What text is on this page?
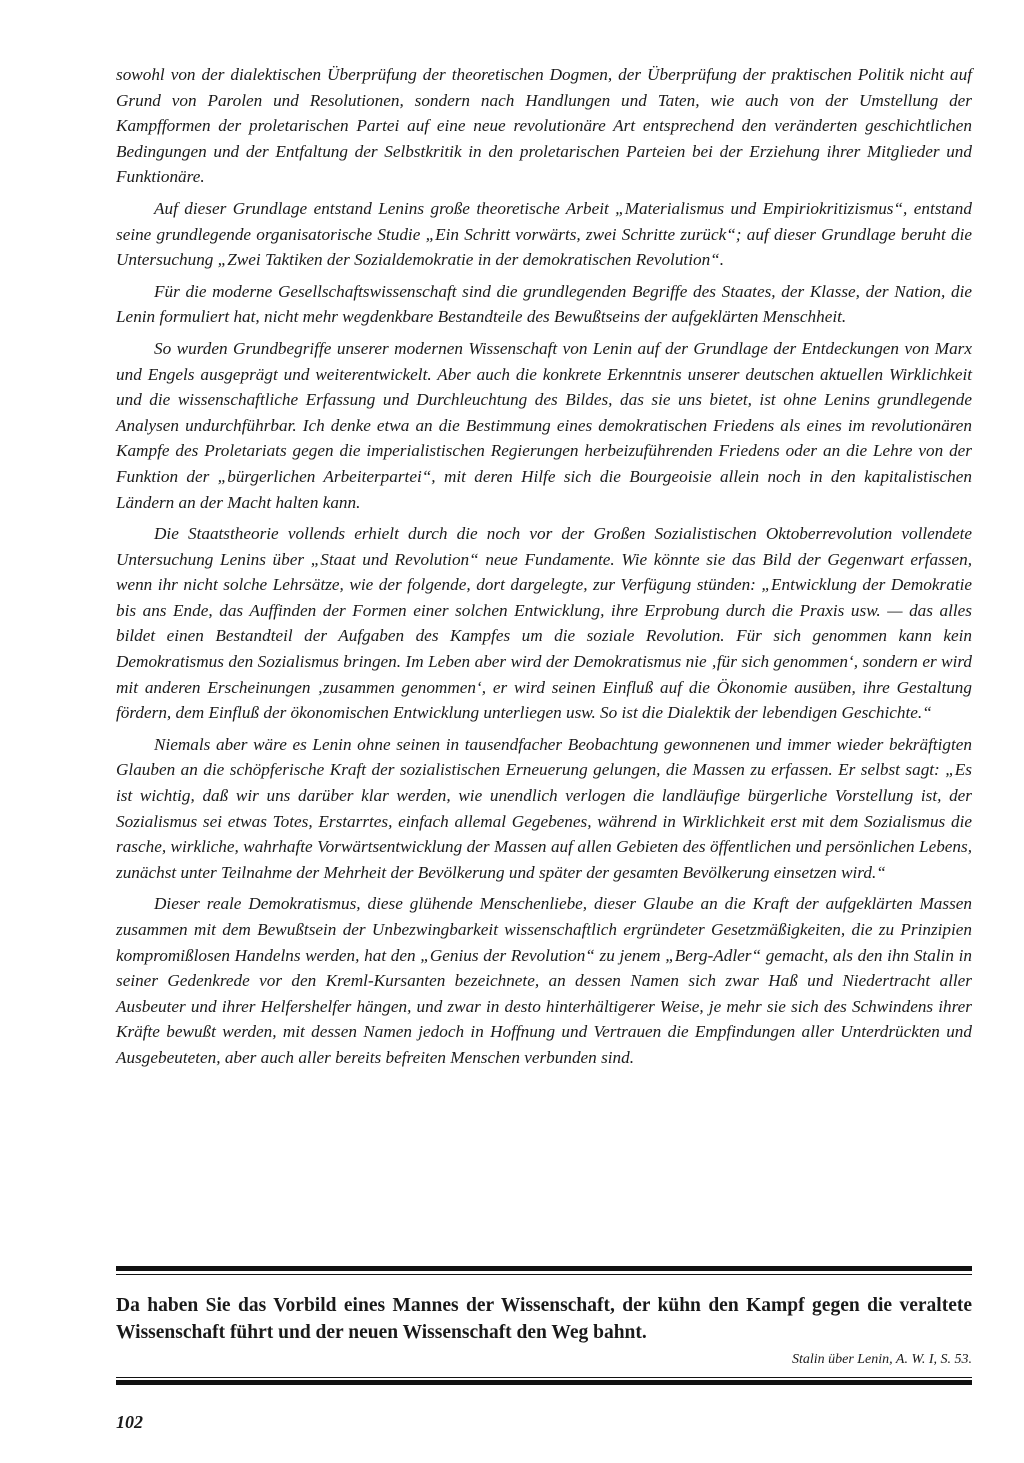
sowohl von der dialektischen Überprüfung der theoretischen Dogmen, der Überprüfung der praktischen Politik nicht auf Grund von Parolen und Resolutionen, sondern nach Handlungen und Taten, wie auch von der Umstellung der Kampfformen der proletarischen Partei auf eine neue revolutionäre Art entsprechend den veränderten geschichtlichen Bedingungen und der Entfaltung der Selbstkritik in den proletarischen Parteien bei der Erziehung ihrer Mitglieder und Funktionäre.

Auf dieser Grundlage entstand Lenins große theoretische Arbeit „Materialismus und Empiriokritizismus“, entstand seine grundlegende organisatorische Studie „Ein Schritt vorwärts, zwei Schritte zurück“; auf dieser Grundlage beruht die Untersuchung „Zwei Taktiken der Sozialdemokratie in der demokratischen Revolution“.

Für die moderne Gesellschaftswissenschaft sind die grundlegenden Begriffe des Staates, der Klasse, der Nation, die Lenin formuliert hat, nicht mehr wegdenkbare Bestandteile des Bewußtseins der aufgeklärten Menschheit.

So wurden Grundbegriffe unserer modernen Wissenschaft von Lenin auf der Grundlage der Entdeckungen von Marx und Engels ausgeprägt und weiterentwickelt. Aber auch die konkrete Erkenntnis unserer deutschen aktuellen Wirklichkeit und die wissenschaftliche Erfassung und Durchleuchtung des Bildes, das sie uns bietet, ist ohne Lenins grundlegende Analysen undurchführbar. Ich denke etwa an die Bestimmung eines demokratischen Friedens als eines im revolutionären Kampfe des Proletariats gegen die imperialistischen Regierungen herbeizuführenden Friedens oder an die Lehre von der Funktion der „bürgerlichen Arbeiterpartei“, mit deren Hilfe sich die Bourgeoisie allein noch in den kapitalistischen Ländern an der Macht halten kann.

Die Staatstheorie vollends erhielt durch die noch vor der Großen Sozialistischen Oktoberrevolution vollendete Untersuchung Lenins über „Staat und Revolution“ neue Fundamente. Wie könnte sie das Bild der Gegenwart erfassen, wenn ihr nicht solche Lehrsätze, wie der folgende, dort dargelegte, zur Verfügung stünden: „Entwicklung der Demokratie bis ans Ende, das Auffinden der Formen einer solchen Entwicklung, ihre Erprobung durch die Praxis usw. — das alles bildet einen Bestandteil der Aufgaben des Kampfes um die soziale Revolution. Für sich genommen kann kein Demokratismus den Sozialismus bringen. Im Leben aber wird der Demokratismus nie ‚für sich genommen‘, sondern er wird mit anderen Erscheinungen ‚zusammen genommen‘, er wird seinen Einfluß auf die Ökonomie ausüben, ihre Gestaltung fördern, dem Einfluß der ökonomischen Entwicklung unterliegen usw. So ist die Dialektik der lebendigen Geschichte.“

Niemals aber wäre es Lenin ohne seinen in tausendfacher Beobachtung gewonnenen und immer wieder bekräftigten Glauben an die schöpferische Kraft der sozialistischen Erneuerung gelungen, die Massen zu erfassen. Er selbst sagt: „Es ist wichtig, daß wir uns darüber klar werden, wie unendlich verlogen die landläufige bürgerliche Vorstellung ist, der Sozialismus sei etwas Totes, Erstarrtes, einfach allemal Gegebenes, während in Wirklichkeit erst mit dem Sozialismus die rasche, wirkliche, wahrhafte Vorwärtsentwicklung der Massen auf allen Gebieten des öffentlichen und persönlichen Lebens, zunächst unter Teilnahme der Mehrheit der Bevölkerung und später der gesamten Bevölkerung einsetzen wird.“

Dieser reale Demokratismus, diese glühende Menschenliebe, dieser Glaube an die Kraft der aufgeklärten Massen zusammen mit dem Bewußtsein der Unbezwingbarkeit wissenschaftlich ergründeter Gesetzmäßigkeiten, die zu Prinzipien kompromißlosen Handelns werden, hat den „Genius der Revolution“ zu jenem „Berg-Adler“ gemacht, als den ihn Stalin in seiner Gedenkrede vor den Kreml-Kursanten bezeichnete, an dessen Namen sich zwar Haß und Niedertracht aller Ausbeuter und ihrer Helfershelfer hängen, und zwar in desto hinterhältigerer Weise, je mehr sie sich des Schwindens ihrer Kräfte bewußt werden, mit dessen Namen jedoch in Hoffnung und Vertrauen die Empfindungen aller Unterdrückten und Ausgebeuteten, aber auch aller bereits befreiten Menschen verbunden sind.

Da haben Sie das Vorbild eines Mannes der Wissenschaft, der kühn den Kampf gegen die veraltete Wissenschaft führt und der neuen Wissenschaft den Weg bahnt.

Stalin über Lenin, A. W. I, S. 53.

102
